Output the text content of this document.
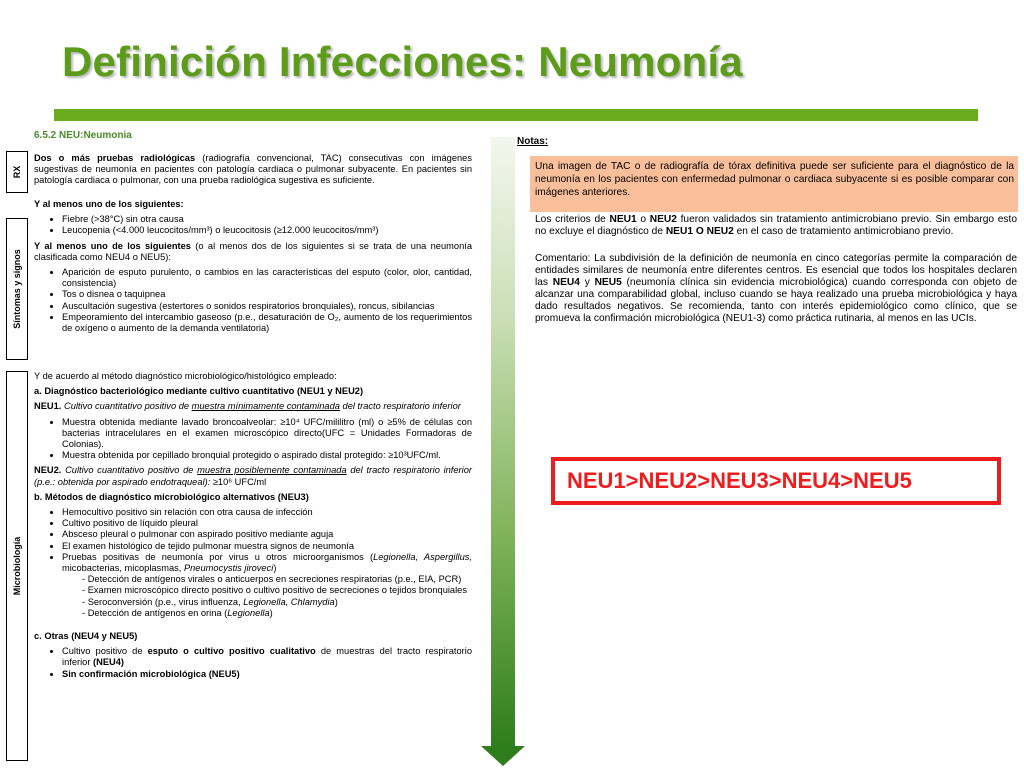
Definición Infecciones: Neumonía
6.5.2 NEU:Neumonia
RX
Síntomas y signos
Microbiología

Dos o más pruebas radiológicas (radiografía convencional, TAC) consecutivas con imágenes sugestivas de neumonía en pacientes con patología cardiaca o pulmonar subyacente. En pacientes sin patología cardiaca o pulmonar, con una prueba radiológica sugestiva es suficiente.

Y al menos uno de los siguientes:

• Fiebre (>38°C) sin otra causa
• Leucopenia (<4.000 leucocitos/mm³) o leucocitosis (≥12.000 leucocitos/mm³)

Y al menos uno de los siguientes (o al menos dos de los siguientes si se trata de una neumonía clasificada como NEU4 o NEU5):

• Aparición de esputo purulento, o cambios en las características del esputo (color, olor, cantidad, consistencia)
• Tos o disnea o taquipnea
• Auscultación sugestiva (estertores o sonidos respiratorios bronquiales), roncus, sibilancias
• Empeoramiento del intercambio gaseoso (p.e., desaturación de O₂, aumento de los requerimientos de oxígeno o aumento de la demanda ventilatoria)

Y de acuerdo al método diagnóstico microbiológico/histológico empleado:

a. Diagnóstico bacteriológico mediante cultivo cuantitativo (NEU1 y NEU2)

NEU1. Cultivo cuantitativo positivo de muestra mínimamente contaminada del tracto respiratorio inferior

• Muestra obtenida mediante lavado broncoalveolar: ≥10⁴ UFC/mililitro (ml) o ≥5% de células con bacterias intracelulares en el examen microscópico directo(UFC = Unidades Formadoras de Colonias).
• Muestra obtenida por cepillado bronquial protegido o aspirado distal protegido: ≥10³UFC/ml.

NEU2. Cultivo cuantitativo positivo de muestra posiblemente contaminada del tracto respiratorio inferior (p.e.: obtenida por aspirado endotraqueal): ≥10⁶ UFC/ml

b. Métodos de diagnóstico microbiológico alternativos (NEU3)

• Hemocultivo positivo sin relación con otra causa de infección
• Cultivo positivo de líquido pleural
• Absceso pleural o pulmonar con aspirado positivo mediante aguja
• El examen histológico de tejido pulmonar muestra signos de neumonía
• Pruebas positivas de neumonía por virus u otros microorganismos (Legionella, Aspergillus, micobacterias, micoplasmas, Pneumocystis jiroveci)
- Detección de antígenos virales o anticuerpos en secreciones respiratorias (p.e., EIA, PCR)
- Examen microscópico directo positivo o cultivo positivo de secreciones o tejidos bronquiales
- Seroconversión (p.e., virus influenza, Legionella, Chlamydia)
- Detección de antígenos en orina (Legionella)

c. Otras (NEU4 y NEU5)

• Cultivo positivo de esputo o cultivo positivo cualitativo de muestras del tracto respiratorio inferior (NEU4)
• Sin confirmación microbiológica (NEU5)
Notas:
Una imagen de TAC o de radiografía de tórax definitiva puede ser suficiente para el diagnóstico de la neumonía en los pacientes con enfermedad pulmonar o cardiaca subyacente si es posible comparar con imágenes anteriores.
Los criterios de NEU1 o NEU2 fueron validados sin tratamiento antimicrobiano previo. Sin embargo esto no excluye el diagnóstico de NEU1 O NEU2 en el caso de tratamiento antimicrobiano previo.
Comentario: La subdivisión de la definición de neumonía en cinco categorías permite la comparación de entidades similares de neumonía entre diferentes centros. Es esencial que todos los hospitales declaren las NEU4 y NEU5 (neumonía clínica sin evidencia microbiológica) cuando corresponda con objeto de alcanzar una comparabilidad global, incluso cuando se haya realizado una prueba microbiológica y haya dado resultados negativos. Se recomienda, tanto con interés epidemiológico como clínico, que se promueva la confirmación microbiológica (NEU1-3) como práctica rutinaria, al menos en las UCIs.
NEU1>NEU2>NEU3>NEU4>NEU5
